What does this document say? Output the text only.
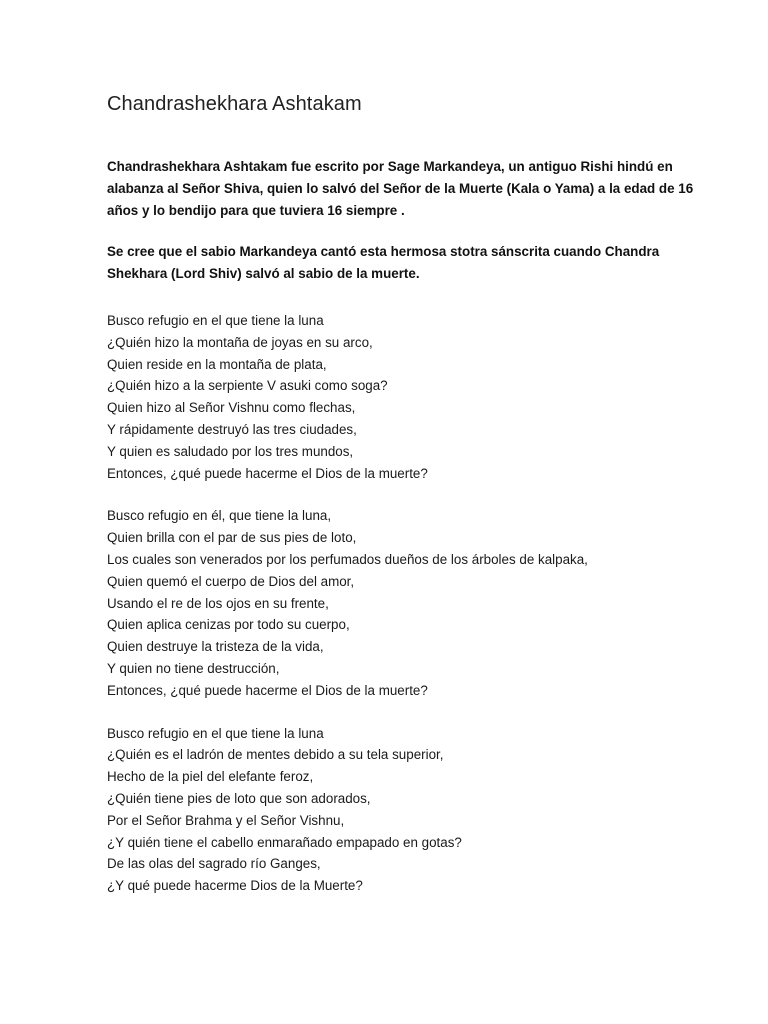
Chandrashekhara Ashtakam

Chandrashekhara Ashtakam fue escrito por Sage Markandeya, un antiguo Rishi hindú en alabanza al Señor Shiva, quien lo salvó del Señor de la Muerte (Kala o Yama) a la edad de 16 años y lo bendijo para que tuviera 16 siempre .

Se cree que el sabio Markandeya cantó esta hermosa stotra sánscrita cuando Chandra Shekhara (Lord Shiv) salvó al sabio de la muerte.

Busco refugio en el que tiene la luna
¿Quién hizo la montaña de joyas en su arco,
Quien reside en la montaña de plata,
¿Quién hizo a la serpiente V asuki como soga?
Quien hizo al Señor Vishnu como flechas,
Y rápidamente destruyó las tres ciudades,
Y quien es saludado por los tres mundos,
Entonces, ¿qué puede hacerme el Dios de la muerte?
Busco refugio en él, que tiene la luna,
Quien brilla con el par de sus pies de loto,
Los cuales son venerados por los perfumados dueños de los árboles de kalpaka,
Quien quemó el cuerpo de Dios del amor,
Usando el re de los ojos en su frente,
Quien aplica cenizas por todo su cuerpo,
Quien destruye la tristeza de la vida,
Y quien no tiene destrucción,
Entonces, ¿qué puede hacerme el Dios de la muerte?
Busco refugio en el que tiene la luna
¿Quién es el ladrón de mentes debido a su tela superior,
Hecho de la piel del elefante feroz,
¿Quién tiene pies de loto que son adorados,
Por el Señor Brahma y el Señor Vishnu,
¿Y quién tiene el cabello enmarañado empapado en gotas?
De las olas del sagrado río Ganges,
¿Y qué puede hacerme Dios de la Muerte?
